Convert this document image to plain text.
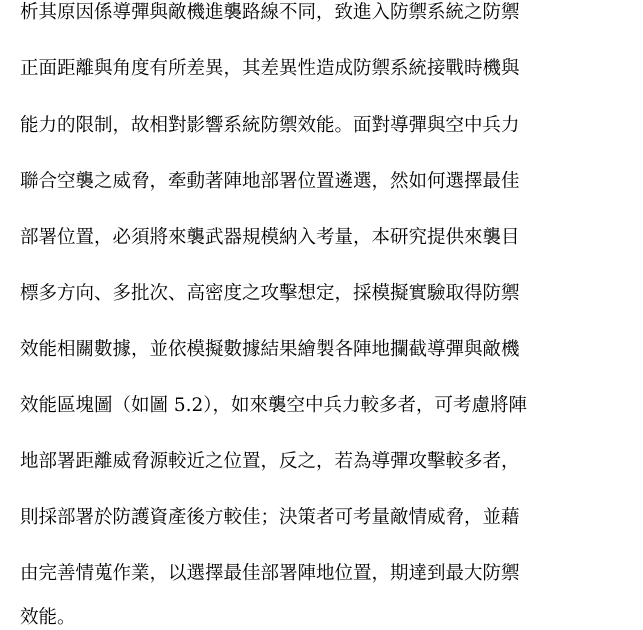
析其原因係導彈與敵機進襲路線不同，致進入防禦系統之防禦
正面距離與角度有所差異，其差異性造成防禦系統接戰時機與
能力的限制，故相對影響系統防禦效能。面對導彈與空中兵力
聯合空襲之威脅，牽動著陣地部署位置遴選，然如何選擇最佳
部署位置，必須將來襲武器規模納入考量，本研究提供來襲目
標多方向、多批次、高密度之攻擊想定，採模擬實驗取得防禦
效能相關數據，並依模擬數據結果繪製各陣地攔截導彈與敵機
效能區塊圖（如圖 5.2），如來襲空中兵力較多者，可考慮將陣
地部署距離威脅源較近之位置，反之，若為導彈攻擊較多者，
則採部署於防護資產後方較佳；決策者可考量敵情威脅，並藉
由完善情蒐作業，以選擇最佳部署陣地位置，期達到最大防禦
效能。
